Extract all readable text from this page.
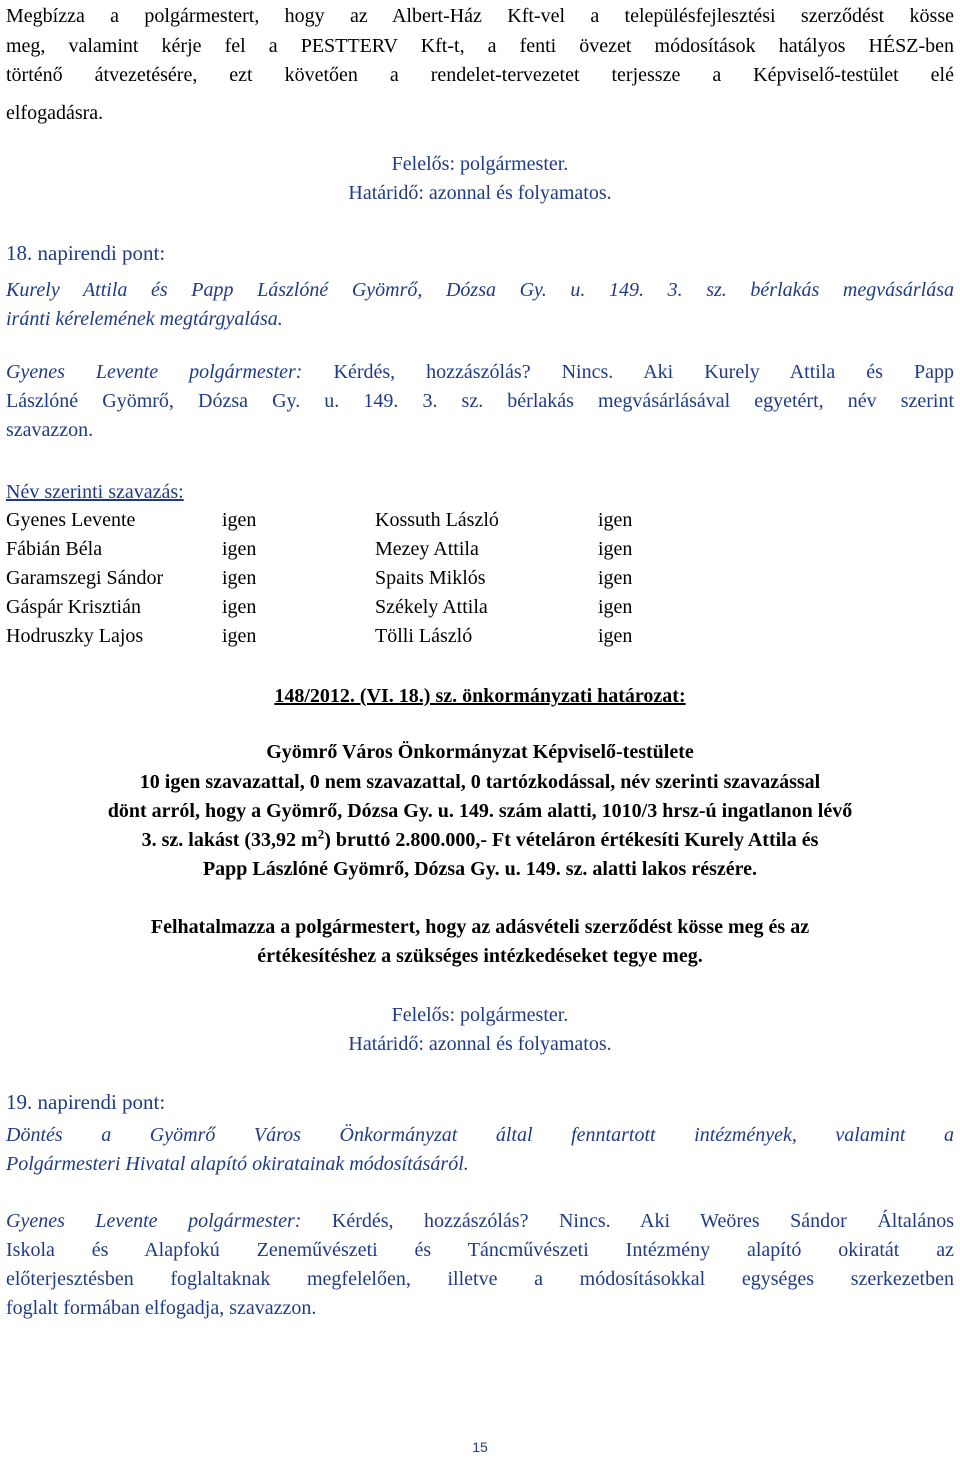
Megbízza a polgármestert, hogy az Albert-Ház Kft-vel a településfejlesztési szerződést kösse
meg, valamint kérje fel a PESTTERV Kft-t, a fenti övezet módosítások hatályos HÉSZ-ben
történő átvezetésére, ezt követően a rendelet-tervezetet terjessze a Képviselő-testület elé
elfogadásra.
Felelős: polgármester.
Határidő: azonnal és folyamatos.
18. napirendi pont:
Kurely Attila és Papp Lászlóné Gyömrő, Dózsa Gy. u. 149. 3. sz. bérlakás megvásárlása
iránti kérelemének megtárgyalása.
Gyenes Levente polgármester: Kérdés, hozzászólás? Nincs. Aki Kurely Attila és Papp
Lászlóné Gyömrő, Dózsa Gy. u. 149. 3. sz. bérlakás megvásárlásával egyetért, név szerint
szavazzon.
Név szerinti szavazás:
Gyenes Levente	igen	Kossuth László	igen
Fábián Béla	igen	Mezey Attila	igen
Garamszegi Sándor	igen	Spaits Miklós	igen
Gáspár Krisztián	igen	Székely Attila	igen
Hodruszky Lajos	igen	Tölli László	igen
148/2012. (VI. 18.) sz. önkormányzati határozat:
Gyömrő Város Önkormányzat Képviselő-testülete
10 igen szavazattal, 0 nem szavazattal, 0 tartózkodással, név szerinti szavazással
dönt arról, hogy a Gyömrő, Dózsa Gy. u. 149. szám alatti, 1010/3 hrsz-ú ingatlanon lévő
3. sz. lakást (33,92 $m^2$) bruttó 2.800.000,- Ft vételáron értékesíti Kurely Attila és
Papp Lászlóné Gyömrő, Dózsa Gy. u. 149. sz. alatti lakos részére.
Felhatalmazza a polgármestert, hogy az adásvételi szerződést kösse meg és az
értékesítéshez a szükséges intézkedéseket tegye meg.
Felelős: polgármester.
Határidő: azonnal és folyamatos.
19. napirendi pont:
Döntés a Gyömrő Város Önkormányzat által fenntartott intézmények, valamint a
Polgármesteri Hivatal alapító okiratainak módosításáról.
Gyenes Levente polgármester: Kérdés, hozzászólás? Nincs. Aki Weöres Sándor Általános
Iskola és Alapfokú Zeneművészeti és Táncművészeti Intézmény alapító okiratát az
előterjesztésben foglaltaknak megfelelően, illetve a módosításokkal egységes szerkezetben
foglalt formában elfogadja, szavazzon.
15
